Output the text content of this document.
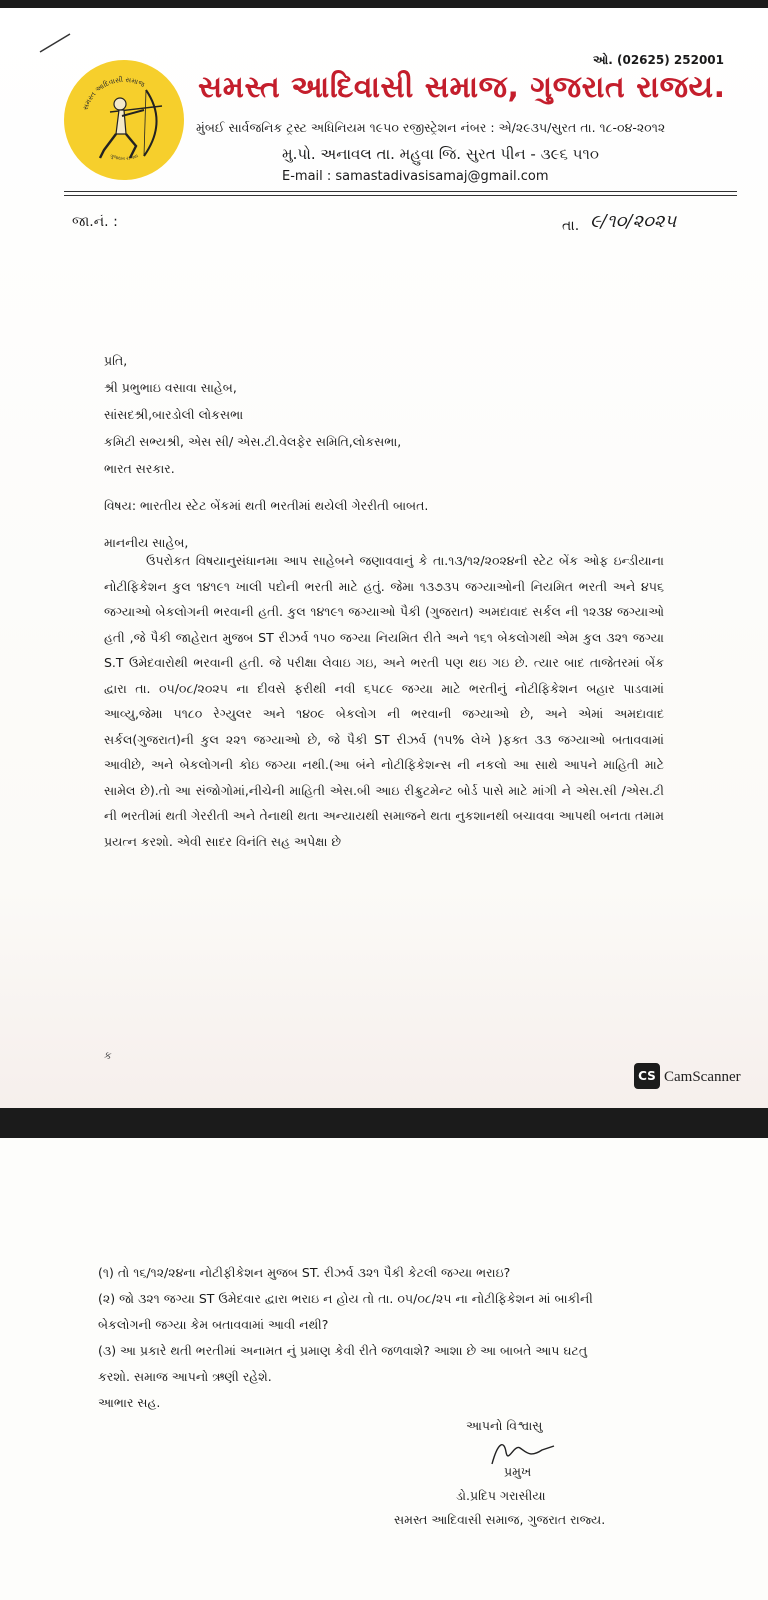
સમસ્ત આદિવાસી સમાજ
ગુજરાત રાજ્ય
ઓ. (02625) 252001
સમસ્ત આદિવાસી સમાજ, ગુજરાત રાજય.
મુંબઈ સાર્વજનિક ટ્રસ્ટ અધિનિયમ ૧૯૫૦ રજીસ્ટ્રેશન નંબર : એ/૨૯૩૫/સુરત તા. ૧૮-૦૪-૨૦૧૨
મુ.પો. અનાવલ તા. મહુવા જિ. સુરત પીન - ૩૯૬ ૫૧૦
E-mail : samastadivasisamaj@gmail.com
જા.નં. :	તા. ૯/૧૦/૨૦૨૫
પ્રતિ,
શ્રી પ્રભુભાઇ વસાવા સાહેબ,
સાંસદશ્રી,બારડોલી લોકસભા
કમિટી સભ્યશ્રી, એસ સી/ એસ.ટી.વેલફેર સમિતિ,લોકસભા,
ભારત સરકાર.
વિષય: ભારતીય સ્ટેટ બેંકમાં થતી ભરતીમાં થયેલી ગેરરીતી બાબત.
માનનીય સાહેબ,

ઉપરોકત વિષયાનુસંધાનમા આપ સાહેબને જણાવવાનું કે તા.૧૩/૧૨/૨૦૨૪ની સ્ટેટ બેંક ઓફ ઇન્ડીયાના નોટીફિકેશન કુલ ૧૪૧૯૧ ખાલી પદોની ભરતી માટે હતું. જેમા ૧૩૭૩૫ જગ્યાઓની નિયમિત ભરતી અને ૪૫૬ જગ્યાઓ બેકલોગની ભરવાની હતી. કુલ ૧૪૧૯૧ જગ્યાઓ પૈકી (ગુજરાત) અમદાવાદ સર્કલ ની ૧૨૩૪ જગ્યાઓ હતી ,જે પૈકી જાહેરાત મુજબ ST રીઝર્વ ૧૫૦ જગ્યા નિયમિત રીતે અને ૧૬૧ બેકલોગથી એમ કુલ ૩૨૧ જગ્યા S.T ઉમેદવારોથી ભરવાની હતી. જે પરીક્ષા લેવાઇ ગઇ, અને ભરતી પણ થઇ ગઇ છે. ત્યાર બાદ તાજેતરમાં બેંક દ્વારા તા. ૦૫/૦૮/૨૦૨૫ ના દીવસે ફરીથી નવી ૬૫૮૯ જગ્યા માટે ભરતીનું નોટીફિકેશન બહાર પાડવામાં આવ્યુ,જેમા ૫૧૮૦ રેગ્યુલર અને ૧૪૦૯ બેકલોગ ની ભરવાની જગ્યાઓ છે, અને એમાં અમદાવાદ સર્કલ(ગુજરાત)ની કુલ ૨૨૧ જગ્યાઓ છે, જે પૈકી ST રીઝર્વ (૧૫% લેખે )ફક્ત ૩૩ જગ્યાઓ બતાવવામાં આવીછે, અને બેકલોગની કોઇ જગ્યા નથી.(આ બંને નોટીફિકેશન્સ ની નકલો આ સાથે આપને માહિતી માટે સામેલ છે).તો આ સંજોગોમાં,નીચેની માહિતી એસ.બી આઇ રીક્રુટમેન્ટ બોર્ડ પાસે માટે માંગી ને એસ.સી /એસ.ટી ની ભરતીમાં થતી ગેરરીતી અને તેનાથી થતા અન્યાયથી સમાજને થતા નુકશાનથી બચાવવા આપથી બનતા તમામ પ્રયત્ન કરશો. એવી સાદર વિનંતિ સહ અપેક્ષા છે

ક
CS CamScanner
(૧) તો ૧૬/૧૨/૨૪ના નોટીફીકેશન મુજબ ST. રીઝર્વ ૩૨૧ પૈકી કેટલી જગ્યા ભરાઇ?
(૨) જો ૩૨૧ જગ્યા ST ઉમેદવાર દ્વારા ભરાઇ ન હોય તો તા. ૦૫/૦૮/૨૫ ના નોટીફિકેશન માં બાકીની
બેકલોગની જગ્યા કેમ બતાવવામાં આવી નથી?
(૩) આ પ્રકારે થતી ભરતીમાં અનામત નું પ્રમાણ કેવી રીતે જળવાશે? આશા છે આ બાબતે આપ ઘટતુ
કરશો. સમાજ આપનો ઋણી રહેશે.
આભાર સહ.
આપનો વિશ્વાસુ
પ્રમુખ
ડો.પ્રદિપ ગરાસીયા
સમસ્ત આદિવાસી સમાજ, ગુજરાત રાજ્ય.
